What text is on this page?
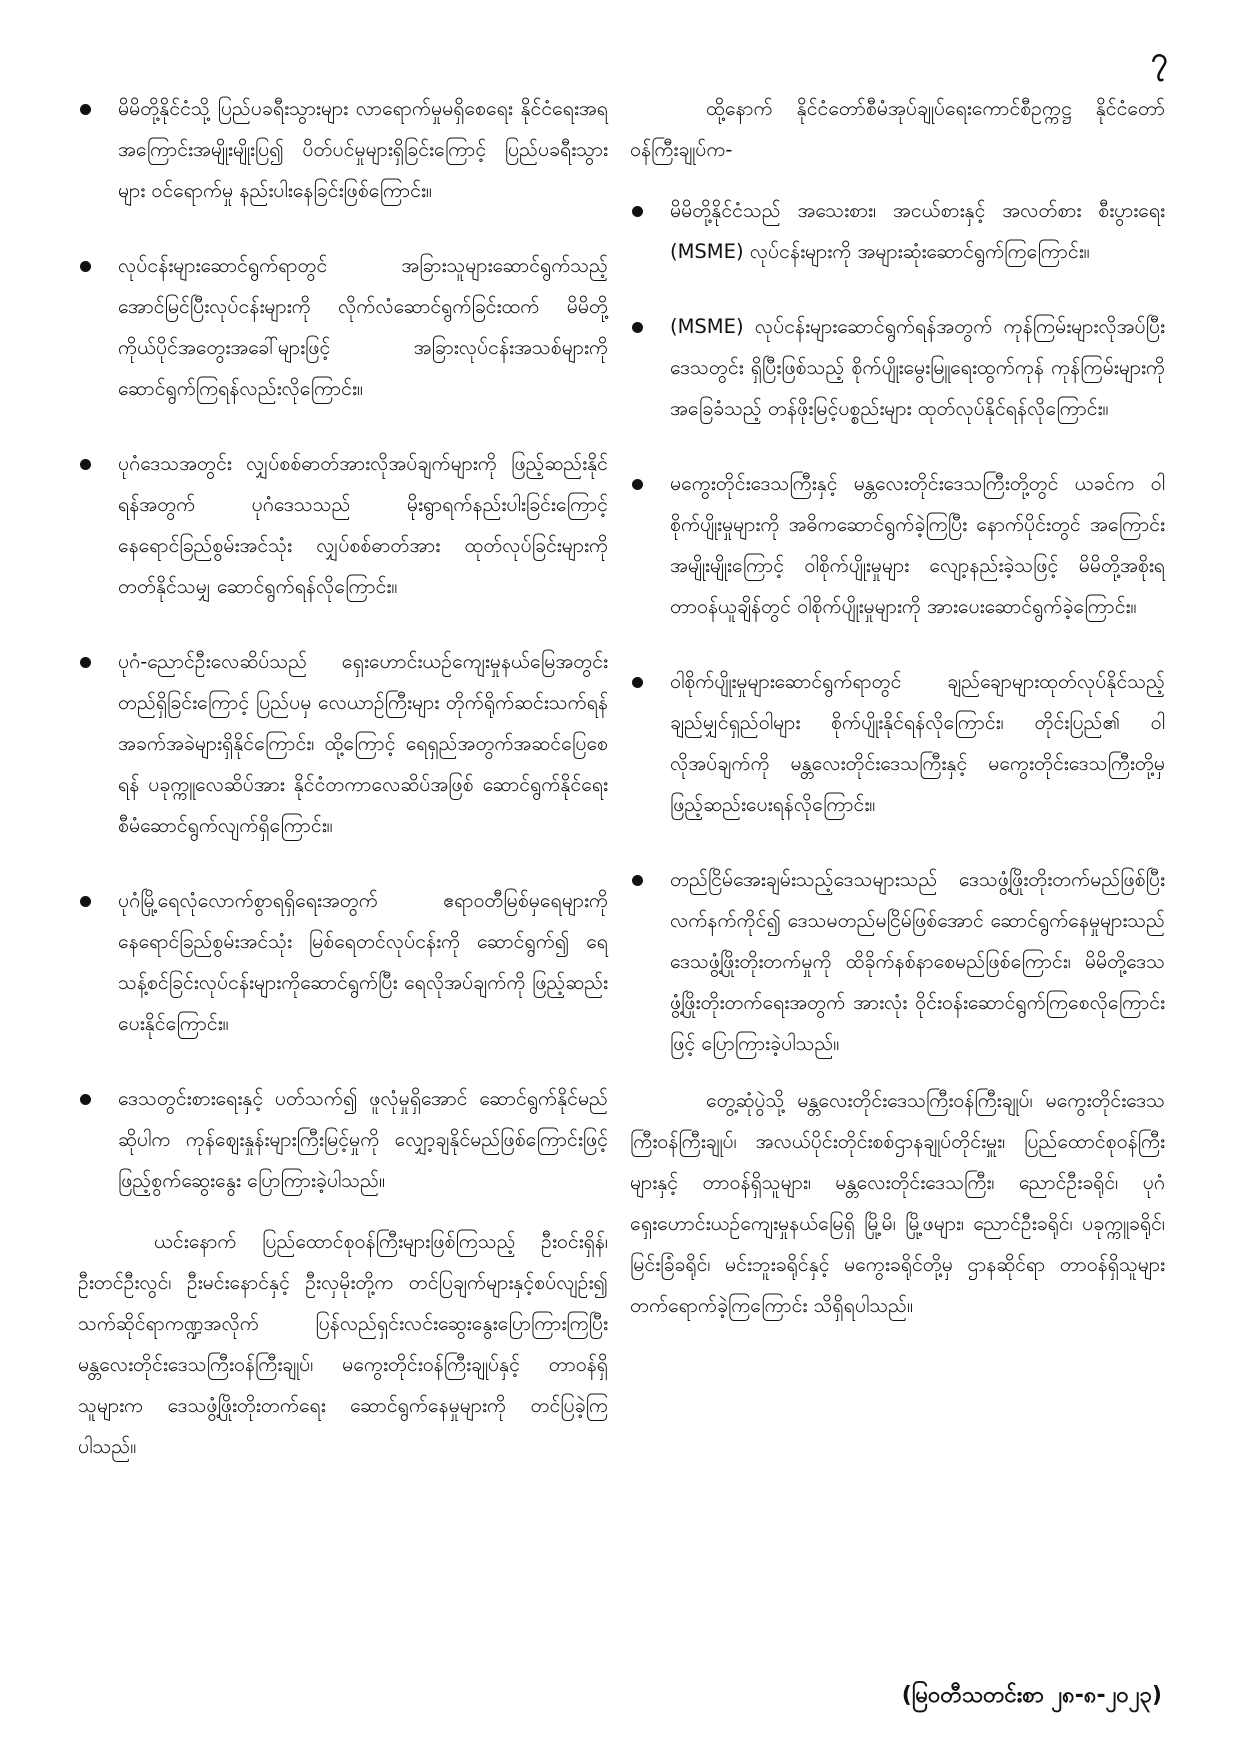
၇
မိမိတို့နိုင်ငံသို့ ပြည်ပခရီးသွားများ လာရောက်မှုမရှိစေရေး နိုင်ငံရေးအရ အကြောင်းအမျိုးမျိုးပြ၍ ပိတ်ပင်မှုများရှိခြင်းကြောင့် ပြည်ပခရီးသွားများ ဝင်ရောက်မှု နည်းပါးနေခြင်းဖြစ်ကြောင်း။
လုပ်ငန်းများဆောင်ရွက်ရာတွင် အခြားသူများဆောင်ရွက်သည့် အောင်မြင်ပြီးလုပ်ငန်းများကို လိုက်လံဆောင်ရွက်ခြင်းထက် မိမိတို့ ကိုယ်ပိုင်အတွေးအခေါ်များဖြင့် အခြားလုပ်ငန်းအသစ်များကို ဆောင်ရွက်ကြရန်လည်းလိုကြောင်း။
ပုဂံဒေသအတွင်း လျှပ်စစ်ဓာတ်အားလိုအပ်ချက်များကို ဖြည့်ဆည်းနိုင်ရန်အတွက် ပုဂံဒေသသည် မိုးရွာရက်နည်းပါးခြင်းကြောင့် နေရောင်ခြည်စွမ်းအင်သုံး လျှပ်စစ်ဓာတ်အား ထုတ်လုပ်ခြင်းများကို တတ်နိုင်သမျှ ဆောင်ရွက်ရန်လိုကြောင်း။
ပုဂံ-ညောင်ဦးလေဆိပ်သည် ရှေးဟောင်းယဉ်ကျေးမှုနယ်မြေအတွင်းတည်ရှိခြင်းကြောင့် ပြည်ပမှ လေယာဉ်ကြီးများ တိုက်ရိုက်ဆင်းသက်ရန် အခက်အခဲများရှိနိုင်ကြောင်း၊ ထို့ကြောင့် ရေရှည်အတွက်အဆင်ပြေစေရန် ပခုက္ကူလေဆိပ်အား နိုင်ငံတကာလေဆိပ်အဖြစ် ဆောင်ရွက်နိုင်ရေး စီမံဆောင်ရွက်လျက်ရှိကြောင်း။
ပုဂံမြို့ရေလုံလောက်စွာရရှိရေးအတွက် ဧရာဝတီမြစ်မှရေများကို နေရောင်ခြည်စွမ်းအင်သုံး မြစ်ရေတင်လုပ်ငန်းကို ဆောင်ရွက်၍ ရေသန့်စင်ခြင်းလုပ်ငန်းများကိုဆောင်ရွက်ပြီး ရေလိုအပ်ချက်ကို ဖြည့်ဆည်းပေးနိုင်ကြောင်း။
ဒေသတွင်းစားရေးနှင့် ပတ်သက်၍ ဖူလုံမှုရှိအောင် ဆောင်ရွက်နိုင်မည်ဆိုပါက ကုန်ဈေးနှုန်းများကြီးမြင့်မှုကို လျှော့ချနိုင်မည်ဖြစ်ကြောင်းဖြင့် ဖြည့်စွက်ဆွေးနွေး ပြောကြားခဲ့ပါသည်။

ယင်းနောက် ပြည်ထောင်စုဝန်ကြီးများဖြစ်ကြသည့် ဦးဝင်းရှိန်၊ ဦးတင်ဦးလွင်၊ ဦးမင်းနောင်နှင့် ဦးလှမိုးတို့က တင်ပြချက်များနှင့်စပ်လျဉ်း၍ သက်ဆိုင်ရာကဏ္ဍအလိုက် ပြန်လည်ရှင်းလင်းဆွေးနွေးပြောကြားကြပြီး မန္တလေးတိုင်းဒေသကြီးဝန်ကြီးချုပ်၊ မကွေးတိုင်းဝန်ကြီးချုပ်နှင့် တာဝန်ရှိသူများက ဒေသဖွံ့ဖြိုးတိုးတက်ရေး ဆောင်ရွက်နေမှုများကို တင်ပြခဲ့ကြပါသည်။

ထို့နောက် နိုင်ငံတော်စီမံအုပ်ချုပ်ရေးကောင်စီဥက္ကဋ္ဌ နိုင်ငံတော်ဝန်ကြီးချုပ်က-

မိမိတို့နိုင်ငံသည် အသေးစား၊ အငယ်စားနှင့် အလတ်စား စီးပွားရေး (MSME) လုပ်ငန်းများကို အများဆုံးဆောင်ရွက်ကြကြောင်း။
(MSME) လုပ်ငန်းများဆောင်ရွက်ရန်အတွက် ကုန်ကြမ်းများလိုအပ်ပြီး ဒေသတွင်း ရှိပြီးဖြစ်သည့် စိုက်ပျိုးမွေးမြူရေးထွက်ကုန် ကုန်ကြမ်းများကိုအခြေခံသည့် တန်ဖိုးမြင့်ပစ္စည်းများ ထုတ်လုပ်နိုင်ရန်လိုကြောင်း။
မကွေးတိုင်းဒေသကြီးနှင့် မန္တလေးတိုင်းဒေသကြီးတို့တွင် ယခင်က ဝါစိုက်ပျိုးမှုများကို အဓိကဆောင်ရွက်ခဲ့ကြပြီး နောက်ပိုင်းတွင် အကြောင်းအမျိုးမျိုးကြောင့် ဝါစိုက်ပျိုးမှုများ လျော့နည်းခဲ့သဖြင့် မိမိတို့အစိုးရတာဝန်ယူချိန်တွင် ဝါစိုက်ပျိုးမှုများကို အားပေးဆောင်ရွက်ခဲ့ကြောင်း။
ဝါစိုက်ပျိုးမှုများဆောင်ရွက်ရာတွင် ချည်ချောများထုတ်လုပ်နိုင်သည့် ချည်မျှင်ရှည်ဝါများ စိုက်ပျိုးနိုင်ရန်လိုကြောင်း၊ တိုင်းပြည်၏ ဝါလိုအပ်ချက်ကို မန္တလေးတိုင်းဒေသကြီးနှင့် မကွေးတိုင်းဒေသကြီးတို့မှ ဖြည့်ဆည်းပေးရန်လိုကြောင်း။
တည်ငြိမ်အေးချမ်းသည့်ဒေသများသည် ဒေသဖွံ့ဖြိုးတိုးတက်မည်ဖြစ်ပြီး လက်နက်ကိုင်၍ ဒေသမတည်မငြိမ်ဖြစ်အောင် ဆောင်ရွက်နေမှုများသည် ဒေသဖွံ့ဖြိုးတိုးတက်မှုကို ထိခိုက်နစ်နာစေမည်ဖြစ်ကြောင်း၊ မိမိတို့ဒေသဖွံ့ဖြိုးတိုးတက်ရေးအတွက် အားလုံး ဝိုင်းဝန်းဆောင်ရွက်ကြစေလိုကြောင်းဖြင့် ပြောကြားခဲ့ပါသည်။

တွေ့ဆုံပွဲသို့ မန္တလေးတိုင်းဒေသကြီးဝန်ကြီးချုပ်၊ မကွေးတိုင်းဒေသကြီးဝန်ကြီးချုပ်၊ အလယ်ပိုင်းတိုင်းစစ်ဌာနချုပ်တိုင်းမှူး၊ ပြည်ထောင်စုဝန်ကြီးများနှင့် တာဝန်ရှိသူများ၊ မန္တလေးတိုင်းဒေသကြီး၊ ညောင်ဦးခရိုင်၊ ပုဂံရှေးဟောင်းယဉ်ကျေးမှုနယ်မြေရှိ မြို့မိ၊ မြို့ဖများ၊ ညောင်ဦးခရိုင်၊ ပခုက္ကူခရိုင်၊ မြင်းခြံခရိုင်၊ မင်းဘူးခရိုင်နှင့် မကွေးခရိုင်တို့မှ ဌာနဆိုင်ရာ တာဝန်ရှိသူများ တက်ရောက်ခဲ့ကြကြောင်း သိရှိရပါသည်။

(မြဝတီသတင်းစာ ၂၈-၈-၂၀၂၃)
